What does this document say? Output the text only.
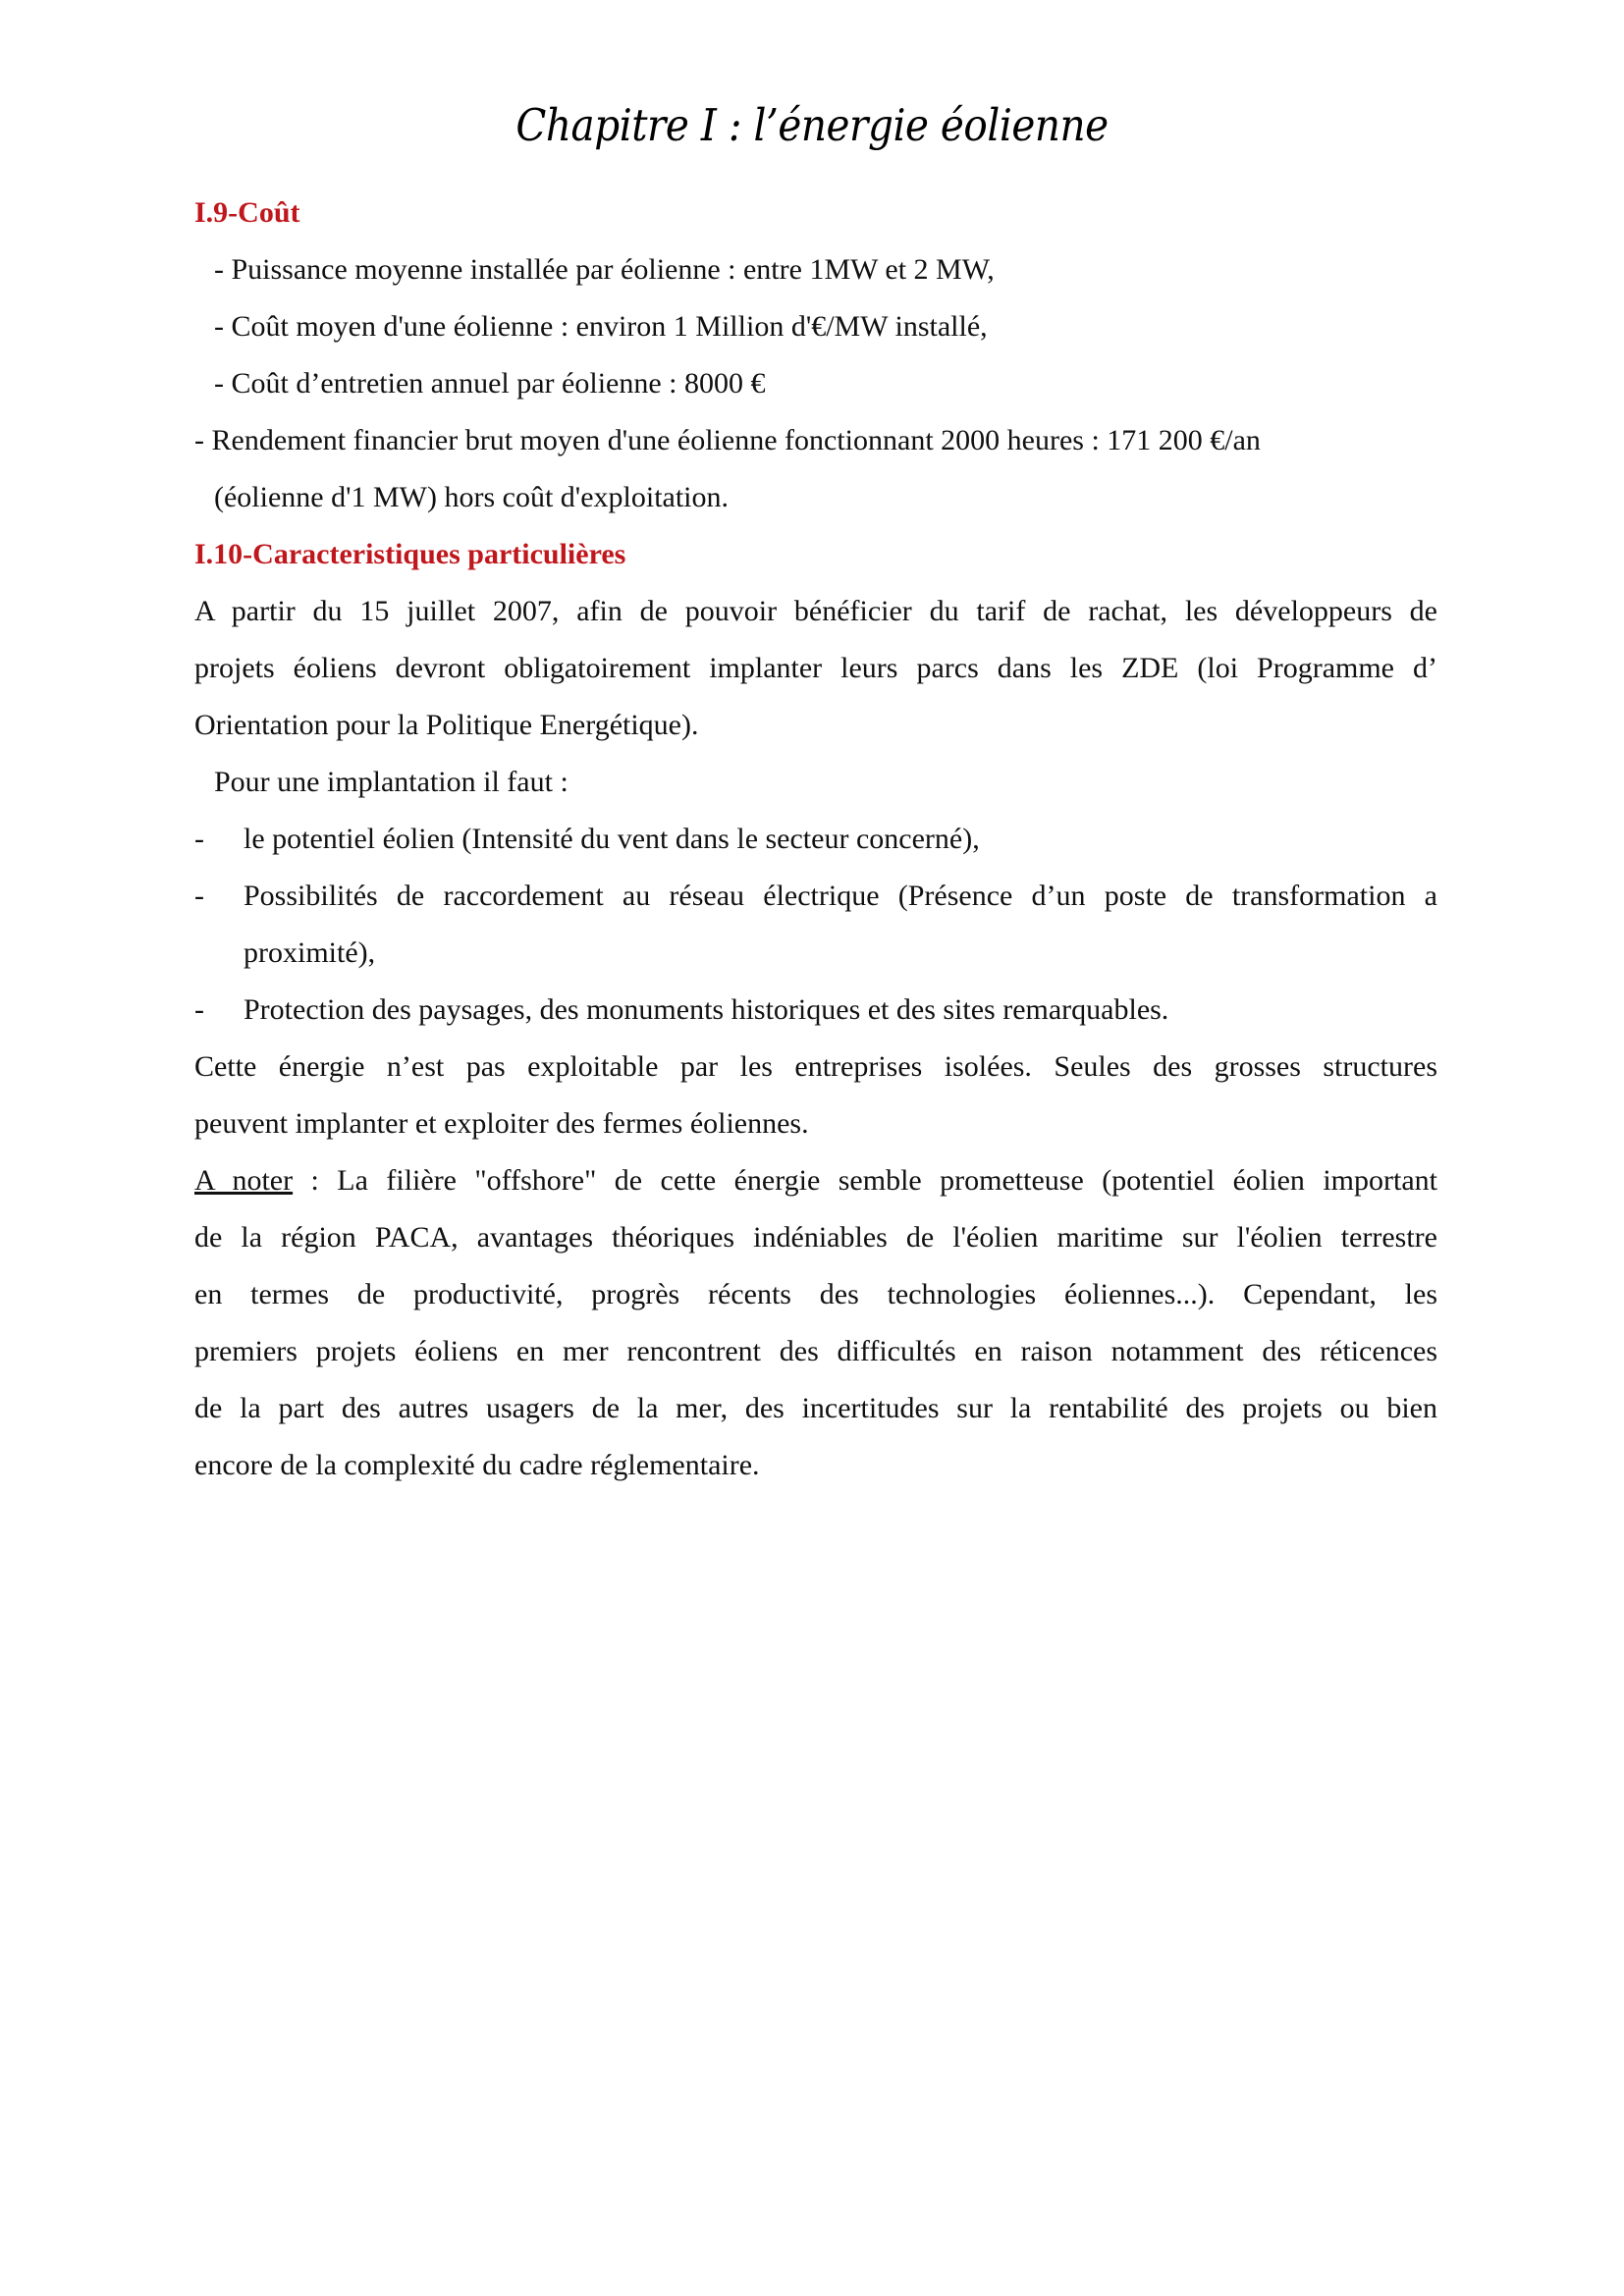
Chapitre I : l’énergie éolienne

I.9-Coût

- Puissance moyenne installée par éolienne : entre 1MW et 2 MW,

- Coût moyen d'une éolienne : environ 1 Million d'€/MW installé,

- Coût d’entretien annuel par éolienne : 8000 €

- Rendement financier brut moyen d'une éolienne fonctionnant 2000 heures : 171 200 €/an

(éolienne d'1 MW) hors coût d'exploitation.

I.10-Caracteristiques particulières

A partir du 15 juillet 2007, afin de pouvoir bénéficier du tarif de rachat, les développeurs de

projets éoliens devront obligatoirement implanter leurs parcs dans les ZDE (loi Programme d’

Orientation pour la Politique Energétique).

Pour une implantation il faut :

- le potentiel éolien (Intensité du vent dans le secteur concerné),
- Possibilités de raccordement au réseau électrique (Présence d’un poste de transformation a
proximité),
- Protection des paysages, des monuments historiques et des sites remarquables.

Cette énergie n’est pas exploitable par les entreprises isolées. Seules des grosses structures

peuvent implanter et exploiter des fermes éoliennes.

A noter : La filière "offshore" de cette énergie semble prometteuse (potentiel éolien important

de la région PACA, avantages théoriques indéniables de l'éolien maritime sur l'éolien terrestre

en termes de productivité, progrès récents des technologies éoliennes...). Cependant, les

premiers projets éoliens en mer rencontrent des difficultés en raison notamment des réticences

de la part des autres usagers de la mer, des incertitudes sur la rentabilité des projets ou bien

encore de la complexité du cadre réglementaire.
